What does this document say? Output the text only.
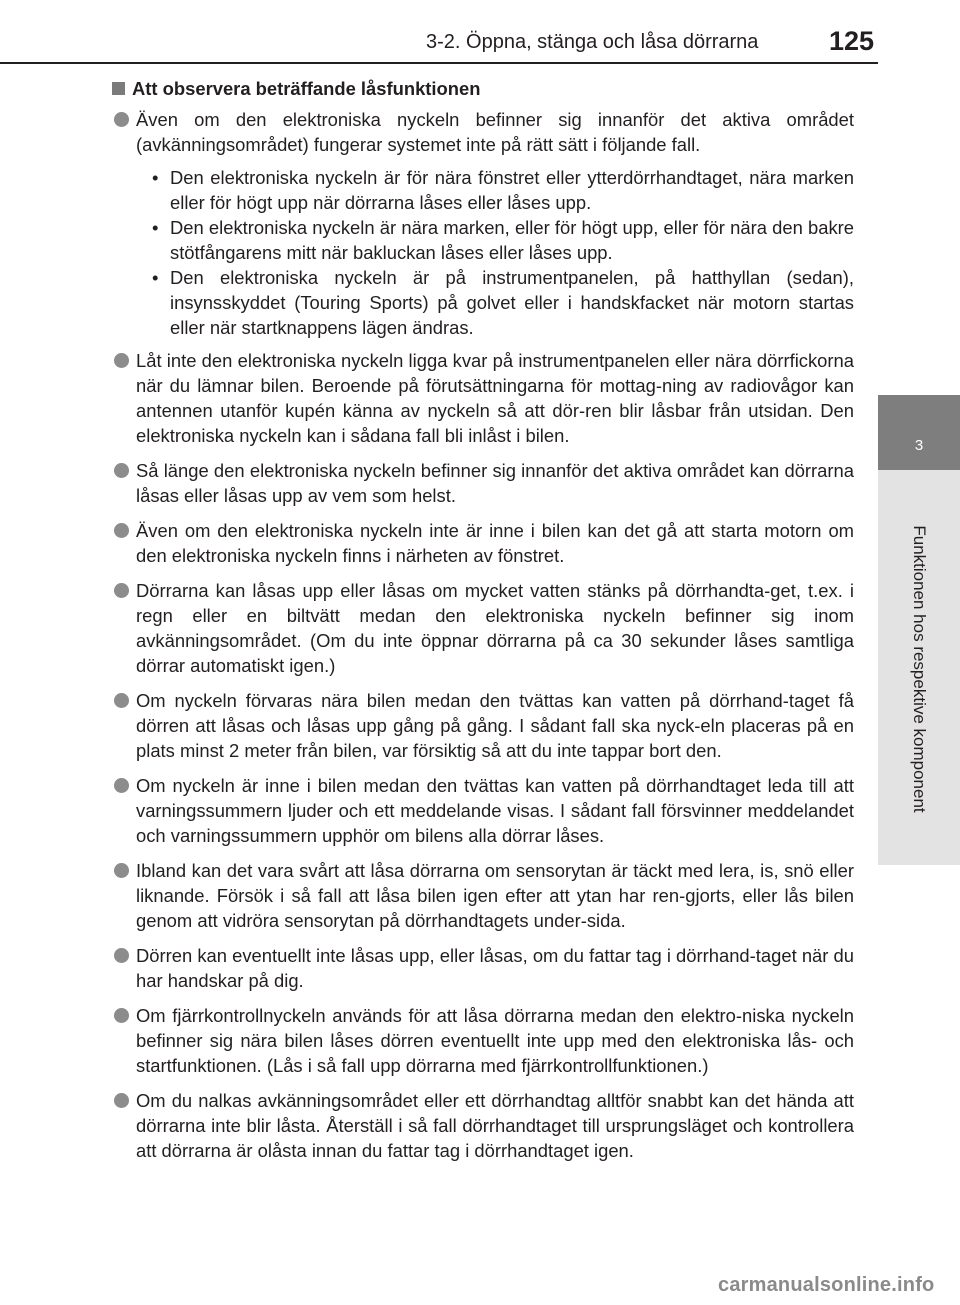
3-2. Öppna, stänga och låsa dörrarna	125
3
Funktionen hos respektive komponent
Att observera beträffande låsfunktionen
Även om den elektroniska nyckeln befinner sig innanför det aktiva området (avkänningsområdet) fungerar systemet inte på rätt sätt i följande fall.
• Den elektroniska nyckeln är för nära fönstret eller ytterdörrhandtaget, nära marken eller för högt upp när dörrarna låses eller låses upp.
• Den elektroniska nyckeln är nära marken, eller för högt upp, eller för nära den bakre stötfångarens mitt när bakluckan låses eller låses upp.
• Den elektroniska nyckeln är på instrumentpanelen, på hatthyllan (sedan), insynsskyddet (Touring Sports) på golvet eller i handskfacket när motorn startas eller när startknappens lägen ändras.
Låt inte den elektroniska nyckeln ligga kvar på instrumentpanelen eller nära dörrfickorna när du lämnar bilen. Beroende på förutsättningarna för mottag-ning av radiovågor kan antennen utanför kupén känna av nyckeln så att dör-ren blir låsbar från utsidan. Den elektroniska nyckeln kan i sådana fall bli inlåst i bilen.
Så länge den elektroniska nyckeln befinner sig innanför det aktiva området kan dörrarna låsas eller låsas upp av vem som helst.
Även om den elektroniska nyckeln inte är inne i bilen kan det gå att starta motorn om den elektroniska nyckeln finns i närheten av fönstret.
Dörrarna kan låsas upp eller låsas om mycket vatten stänks på dörrhandta-get, t.ex. i regn eller en biltvätt medan den elektroniska nyckeln befinner sig inom avkänningsområdet. (Om du inte öppnar dörrarna på ca 30 sekunder låses samtliga dörrar automatiskt igen.)
Om nyckeln förvaras nära bilen medan den tvättas kan vatten på dörrhand-taget få dörren att låsas och låsas upp gång på gång. I sådant fall ska nyck-eln placeras på en plats minst 2 meter från bilen, var försiktig så att du inte tappar bort den.
Om nyckeln är inne i bilen medan den tvättas kan vatten på dörrhandtaget leda till att varningssummern ljuder och ett meddelande visas. I sådant fall försvinner meddelandet och varningssummern upphör om bilens alla dörrar låses.
Ibland kan det vara svårt att låsa dörrarna om sensorytan är täckt med lera, is, snö eller liknande. Försök i så fall att låsa bilen igen efter att ytan har ren-gjorts, eller lås bilen genom att vidröra sensorytan på dörrhandtagets under-sida.
Dörren kan eventuellt inte låsas upp, eller låsas, om du fattar tag i dörrhand-taget när du har handskar på dig.
Om fjärrkontrollnyckeln används för att låsa dörrarna medan den elektro-niska nyckeln befinner sig nära bilen låses dörren eventuellt inte upp med den elektroniska lås- och startfunktionen. (Lås i så fall upp dörrarna med fjärrkontrollfunktionen.)
Om du nalkas avkänningsområdet eller ett dörrhandtag alltför snabbt kan det hända att dörrarna inte blir låsta. Återställ i så fall dörrhandtaget till ursprungsläget och kontrollera att dörrarna är olåsta innan du fattar tag i dörrhandtaget igen.
carmanualsonline.info
